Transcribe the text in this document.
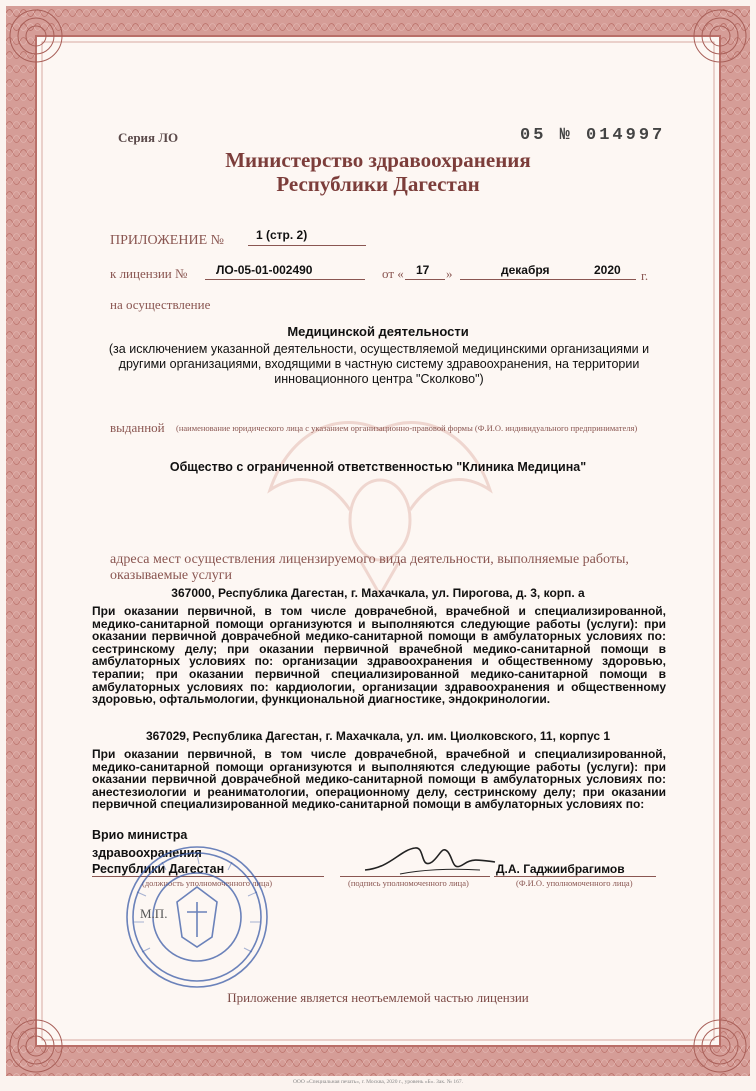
Серия ЛО	05 № 014997
Министерство здравоохранения
Республики Дагестан
ПРИЛОЖЕНИЕ №	1 (стр. 2)
к лицензии № ЛО-05-01-002490	от « 17 »	декабря	2020 г.
на осуществление
Медицинской деятельности
(за исключением указанной деятельности, осуществляемой медицинскими организациями и другими организациями, входящими в частную систему здравоохранения, на территории инновационного центра "Сколково")
выданной (наименование юридического лица с указанием организационно-правовой формы (Ф.И.О. индивидуального предпринимателя)
Общество с ограниченной ответственностью "Клиника Медицина"
адреса мест осуществления лицензируемого вида деятельности, выполняемые работы, оказываемые услуги
367000, Республика Дагестан, г. Махачкала, ул. Пирогова, д. 3, корп. а
При оказании первичной, в том числе доврачебной, врачебной и специализированной, медико-санитарной помощи организуются и выполняются следующие работы (услуги): при оказании первичной доврачебной медико-санитарной помощи в амбулаторных условиях по: сестринскому делу; при оказании первичной врачебной медико-санитарной помощи в амбулаторных условиях по: организации здравоохранения и общественному здоровью, терапии; при оказании первичной специализированной медико-санитарной помощи в амбулаторных условиях по: кардиологии, организации здравоохранения и общественному здоровью, офтальмологии, функциональной диагностике, эндокринологии.
367029, Республика Дагестан, г. Махачкала, ул. им. Циолковского, 11, корпус 1
При оказании первичной, в том числе доврачебной, врачебной и специализированной, медико-санитарной помощи организуются и выполняются следующие работы (услуги): при оказании первичной доврачебной медико-санитарной помощи в амбулаторных условиях по: анестезиологии и реаниматологии, операционному делу, сестринскому делу; при оказании первичной специализированной медико-санитарной помощи в амбулаторных условиях по:
Врио министра
здравоохранения
Республики Дагестан
(должность уполномоченного лица)	(подпись уполномоченного лица)
Д.А. Гаджиибрагимов
(Ф.И.О. уполномоченного лица)
М.П.
Приложение является неотъемлемой частью лицензии
ООО «Специальная печать», г. Москва, 2020 г., уровень «Б». Зак. № 167.
